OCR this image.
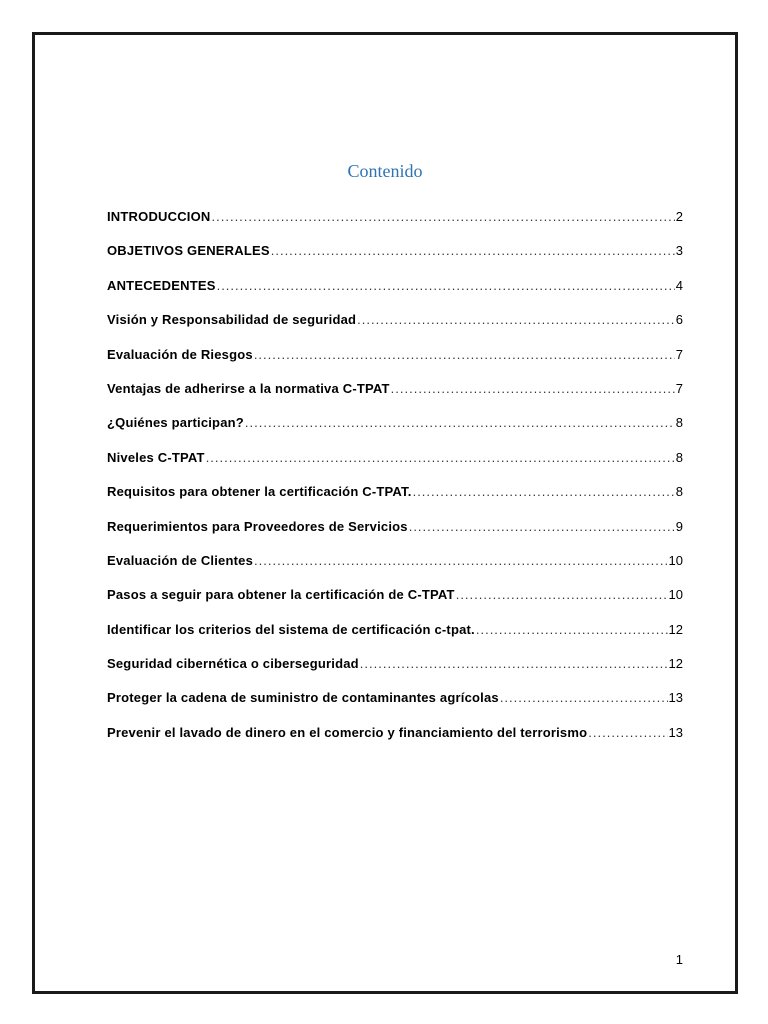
Contenido
INTRODUCCION .....	2
OBJETIVOS GENERALES .....	3
ANTECEDENTES .....	4
Visión y Responsabilidad de seguridad .....	6
Evaluación de Riesgos .....	7
Ventajas de adherirse a la normativa C-TPAT .....	7
¿Quiénes participan? .....	8
Niveles C-TPAT .....	8
Requisitos para obtener la certificación C-TPAT. .....	8
Requerimientos para Proveedores de Servicios .....	9
Evaluación de Clientes .....	10
Pasos a seguir para obtener la certificación de C-TPAT .....	10
Identificar los criterios del sistema de certificación c-tpat. .....	12
Seguridad cibernética o ciberseguridad .....	12
Proteger la cadena de suministro de contaminantes agrícolas .....	13
Prevenir el lavado de dinero en el comercio y financiamiento del terrorismo .....	13
1
